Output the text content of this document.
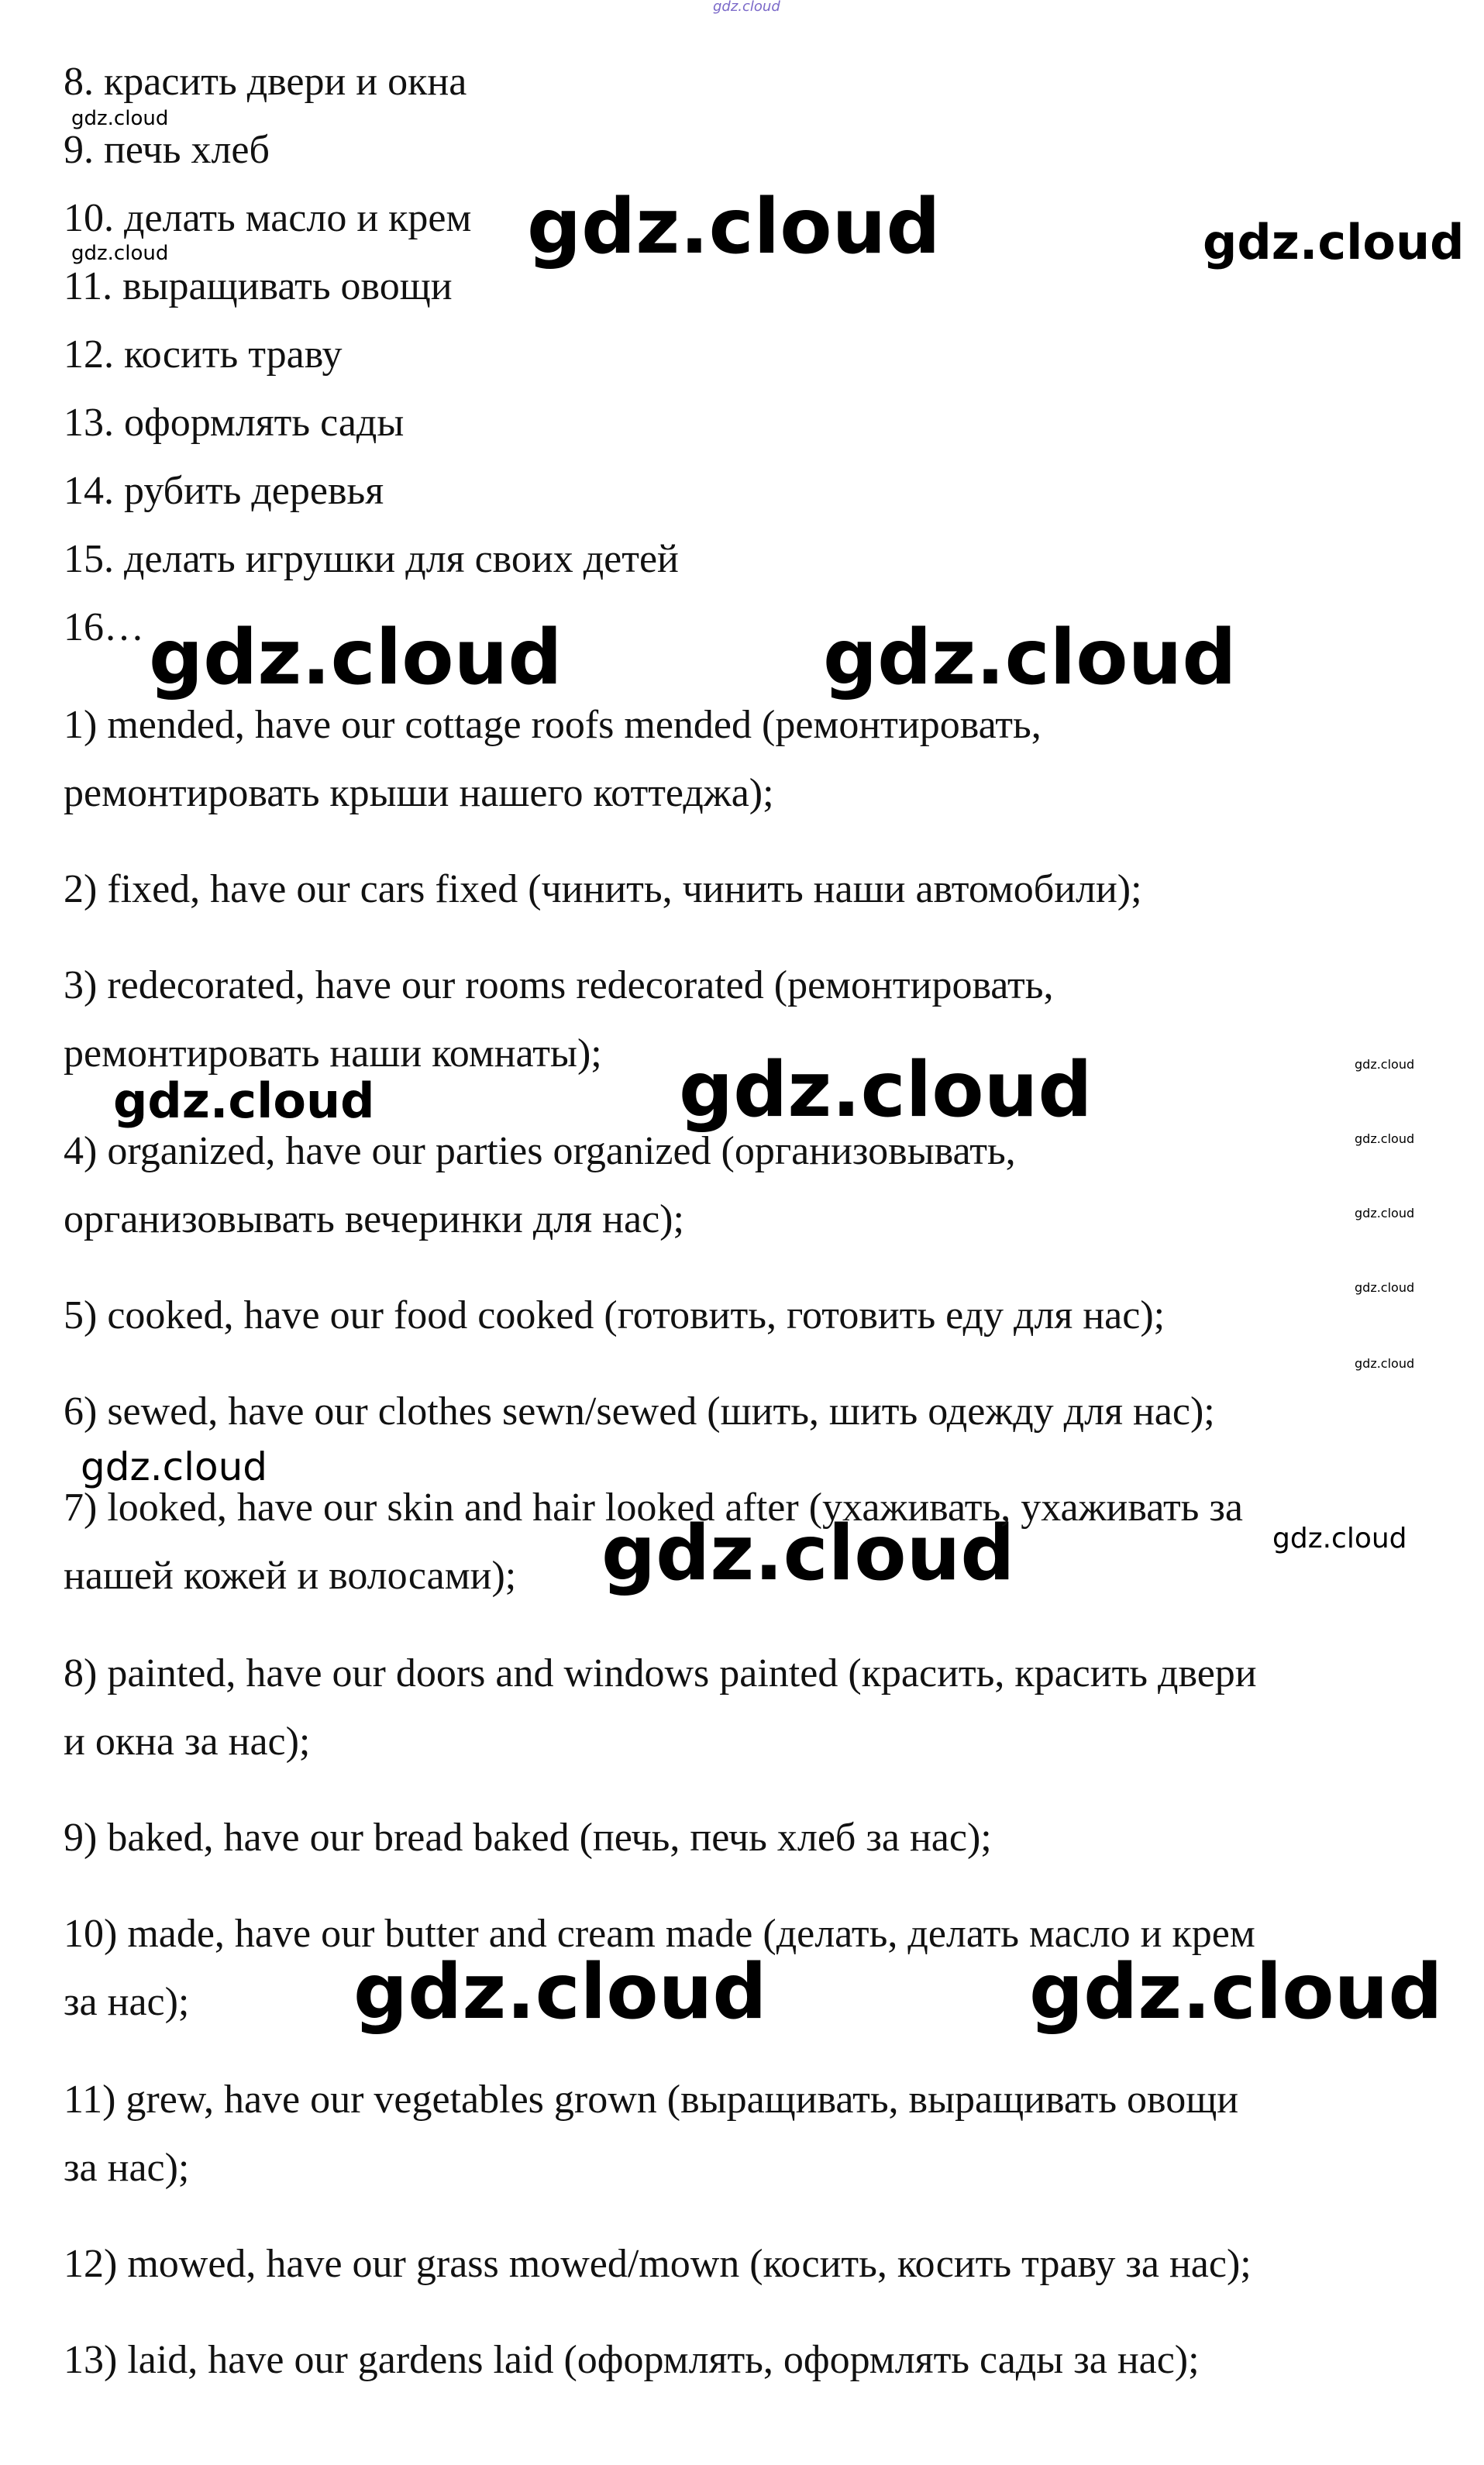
gdz.cloud
gdz.cloud
gdz.cloud	gdz.cloud	gdz.cloud
gdz.cloud	gdz.cloud
gdz.cloud	gdz.cloud	gdz.cloud
gdz.cloud
gdz.cloud
gdz.cloud
gdz.cloud
gdz.cloud
gdz.cloud	gdz.cloud
gdz.cloud	gdz.cloud
8. красить двери и окна
9. печь хлеб
10. делать масло и крем
11. выращивать овощи
12. косить траву
13. оформлять сады
14. рубить деревья
15. делать игрушки для своих детей
16…
1) mended, have our cottage roofs mended (ремонтировать,
ремонтировать крыши нашего коттеджа);
2) fixed, have our cars fixed (чинить, чинить наши автомобили);
3) redecorated, have our rooms redecorated (ремонтировать,
ремонтировать наши комнаты);
4) organized, have our parties organized (организовывать,
организовывать вечеринки для нас);
5) cooked, have our food cooked (готовить, готовить еду для нас);
6) sewed, have our clothes sewn/sewed (шить, шить одежду для нас);
7) looked, have our skin and hair looked after (ухаживать, ухаживать за
нашей кожей и волосами);
8) painted, have our doors and windows painted (красить, красить двери
и окна за нас);
9) baked, have our bread baked (печь, печь хлеб за нас);
10) made, have our butter and cream made (делать, делать масло и крем
за нас);
11) grew, have our vegetables grown (выращивать, выращивать овощи
за нас);
12) mowed, have our grass mowed/mown (косить, косить траву за нас);
13) laid, have our gardens laid (оформлять, оформлять сады за нас);
